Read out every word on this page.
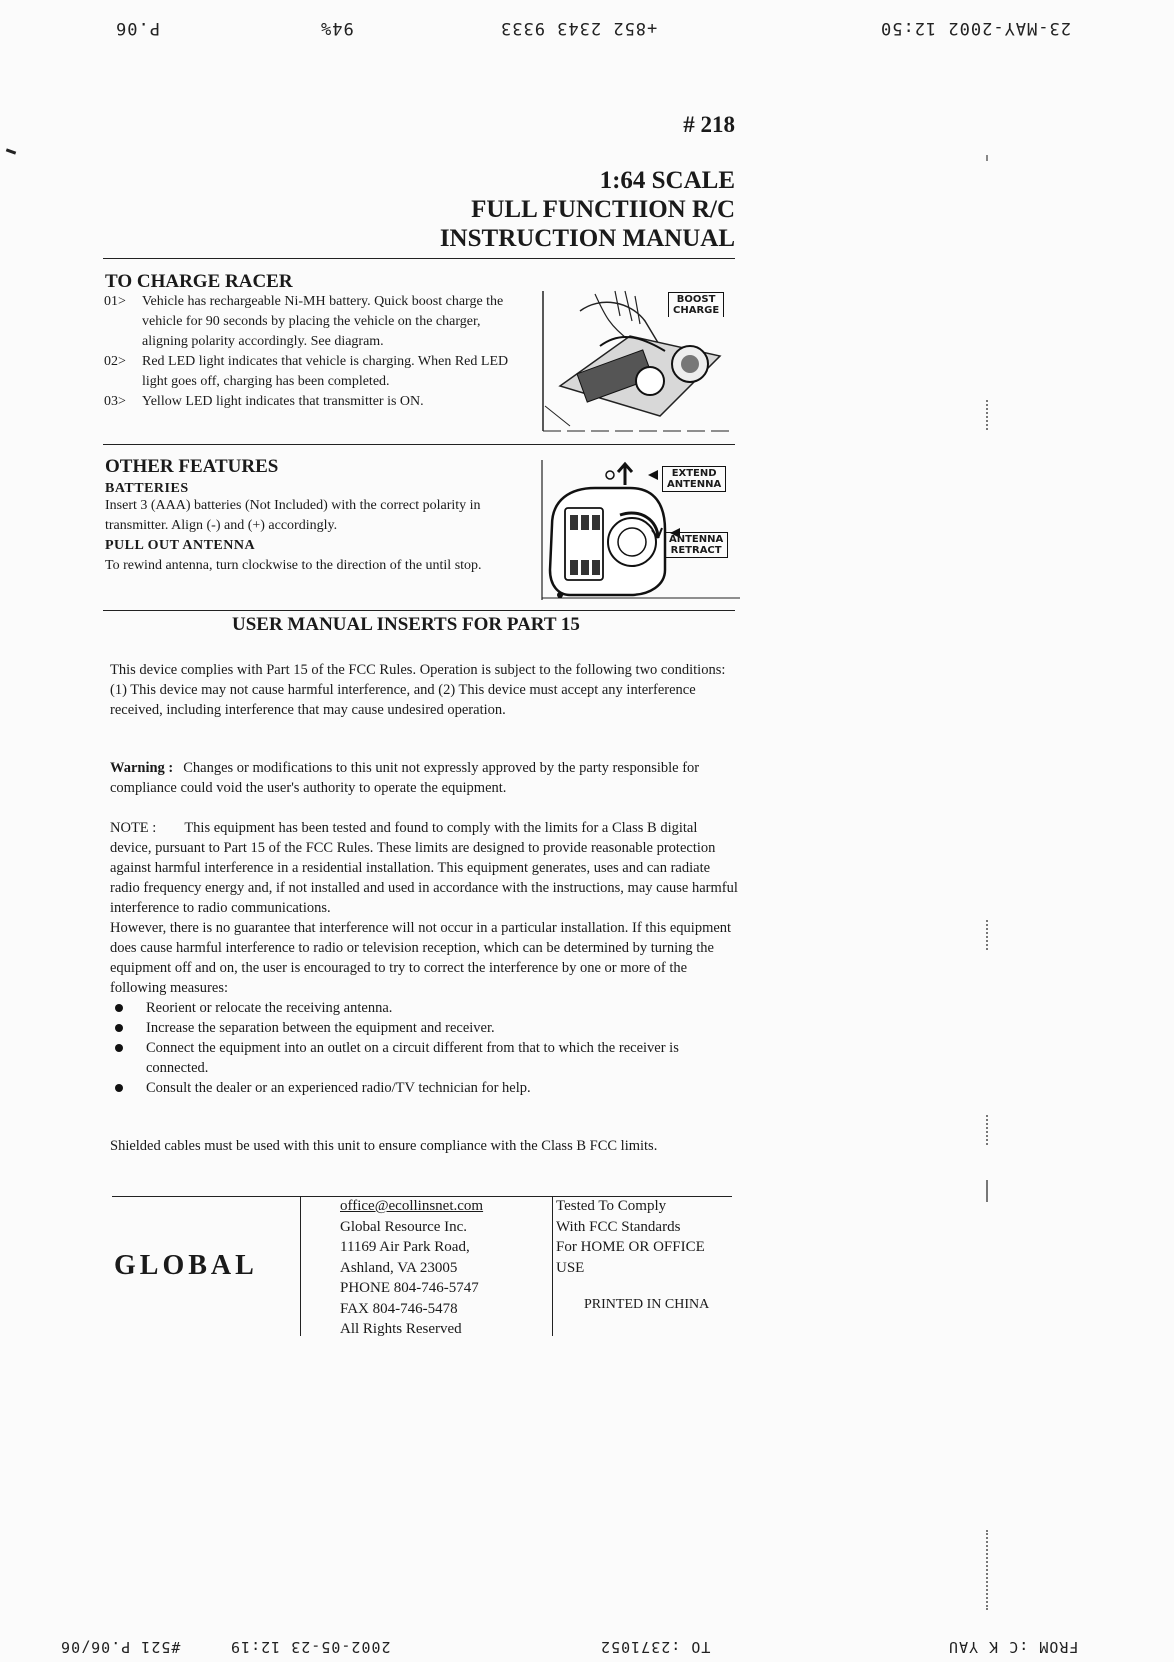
P.06	94%	+852 2343 9333	23-MAY-2002 12:50
# 218
1:64 SCALE
FULL FUNCTIION R/C
INSTRUCTION MANUAL
TO CHARGE RACER
01> Vehicle has rechargeable Ni-MH battery. Quick boost charge the vehicle for 90 seconds by placing the vehicle on the charger, aligning polarity accordingly. See diagram.
02> Red LED light indicates that vehicle is charging. When Red LED light goes off, charging has been completed.
03> Yellow LED light indicates that transmitter is ON.
BOOST
CHARGE
OTHER FEATURES
BATTERIES
Insert 3 (AAA) batteries (Not Included) with the correct polarity in transmitter. Align (-) and (+) accordingly.
PULL OUT ANTENNA
To rewind antenna, turn clockwise to the direction of the until stop.
EXTEND
ANTENNA
ANTENNA
RETRACT
USER MANUAL INSERTS FOR PART 15
This device complies with Part 15 of the FCC Rules. Operation is subject to the following two conditions: (1) This device may not cause harmful interference, and (2) This device must accept any interference received, including interference that may cause undesired operation.
Warning : Changes or modifications to this unit not expressly approved by the party responsible for compliance could void the user's authority to operate the equipment.
NOTE : This equipment has been tested and found to comply with the limits for a Class B digital device, pursuant to Part 15 of the FCC Rules. These limits are designed to provide reasonable protection against harmful interference in a residential installation. This equipment generates, uses and can radiate radio frequency energy and, if not installed and used in accordance with the instructions, may cause harmful interference to radio communications.
However, there is no guarantee that interference will not occur in a particular installation. If this equipment does cause harmful interference to radio or television reception, which can be determined by turning the equipment off and on, the user is encouraged to try to correct the interference by one or more of the following measures:
Reorient or relocate the receiving antenna.
Increase the separation between the equipment and receiver.
Connect the equipment into an outlet on a circuit different from that to which the receiver is connected.
Consult the dealer or an experienced radio/TV technician for help.
Shielded cables must be used with this unit to ensure compliance with the Class B FCC limits.
GLOBAL
office@ecollinsnet.com
Global Resource Inc.
11169 Air Park Road,
Ashland, VA 23005
PHONE 804-746-5747
FAX 804-746-5478
All Rights Reserved
Tested To Comply
With FCC Standards
For HOME OR OFFICE
USE
PRINTED IN CHINA
FROM :C K YAU
TO :2371052
2002-05-23 12:19
#521 P.06/06
